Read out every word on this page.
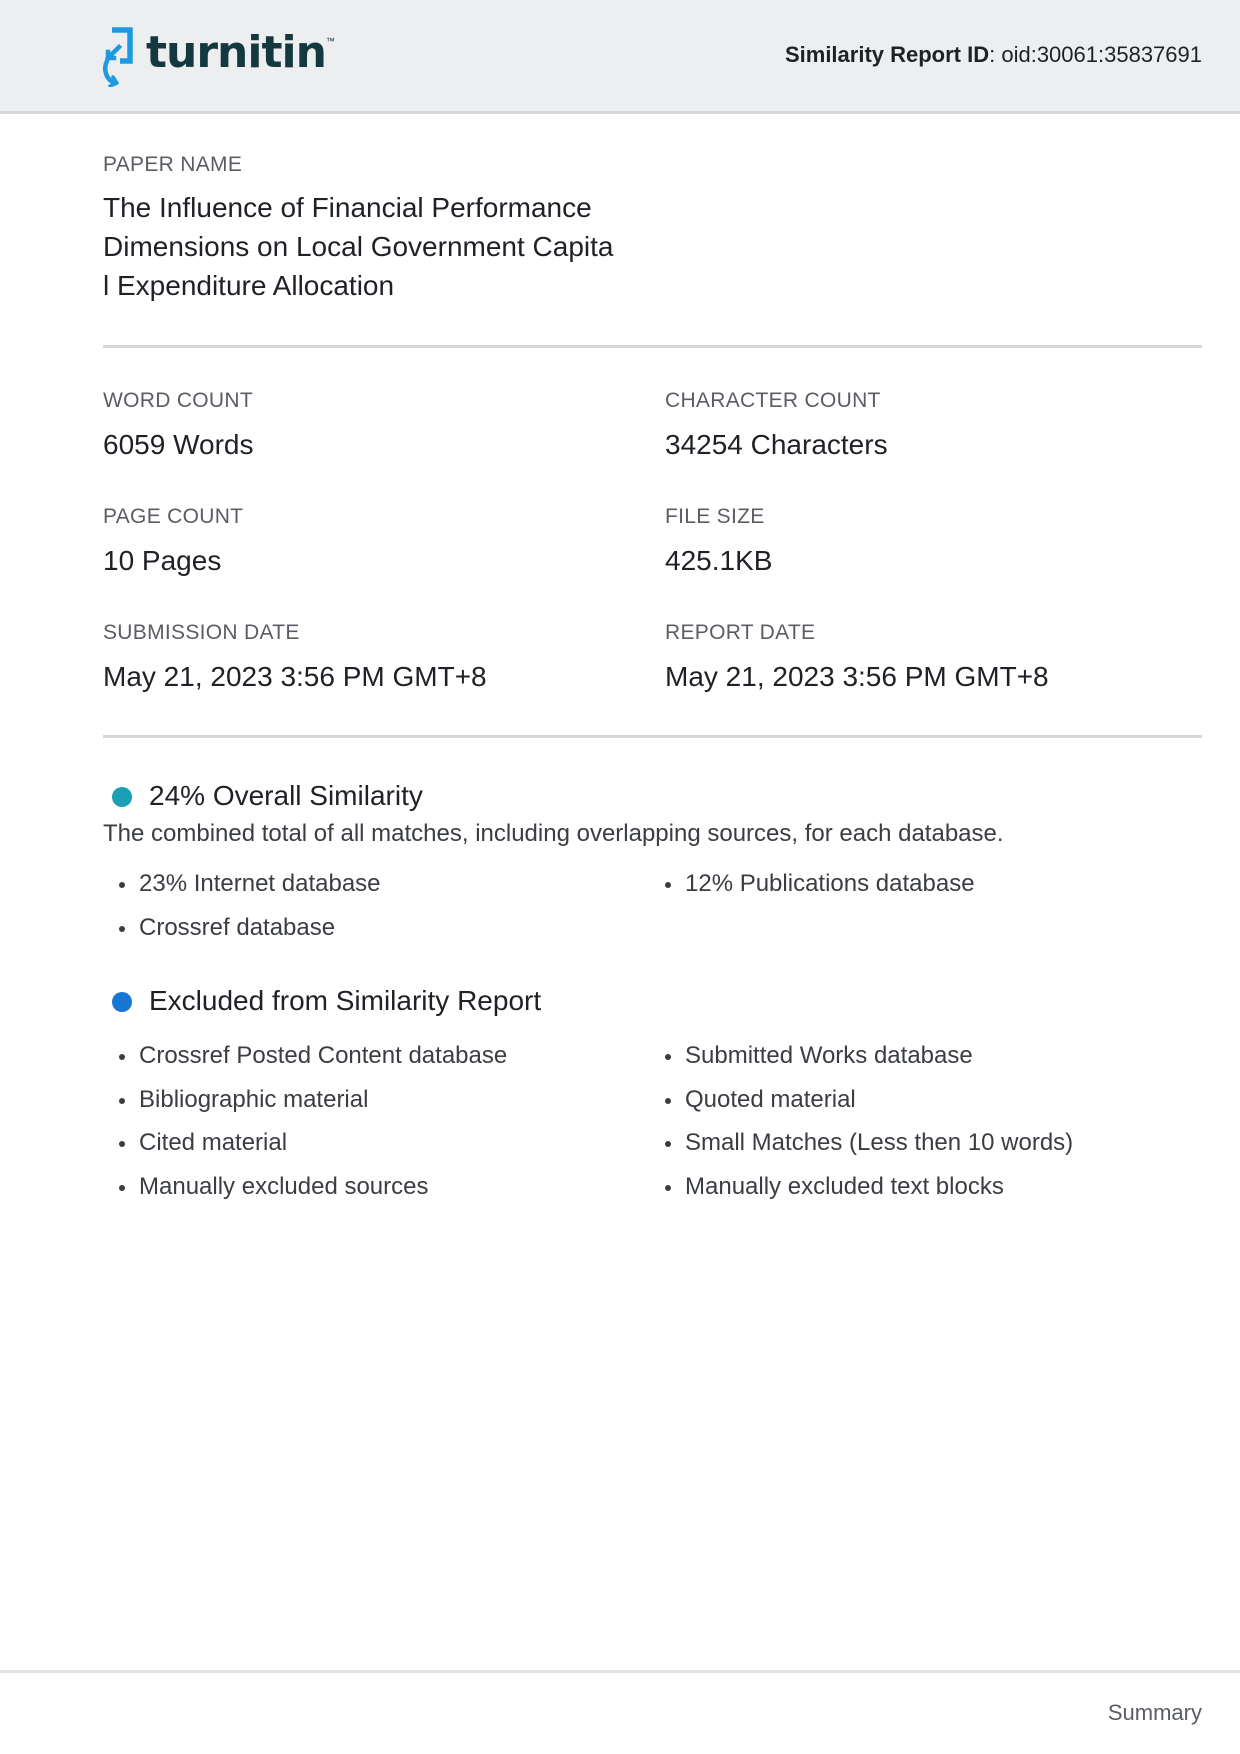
turnitin ™
Similarity Report ID: oid:30061:35837691
PAPER NAME
The Influence of Financial Performance
Dimensions on Local Government Capita
l Expenditure Allocation
WORD COUNT
6059 Words
CHARACTER COUNT
34254 Characters
PAGE COUNT
10 Pages
FILE SIZE
425.1KB
SUBMISSION DATE
May 21, 2023 3:56 PM GMT+8
REPORT DATE
May 21, 2023 3:56 PM GMT+8
24% Overall Similarity
The combined total of all matches, including overlapping sources, for each database.
23% Internet database
Crossref database
12% Publications database
Excluded from Similarity Report
Crossref Posted Content database
Bibliographic material
Cited material
Manually excluded sources
Submitted Works database
Quoted material
Small Matches (Less then 10 words)
Manually excluded text blocks
Summary
